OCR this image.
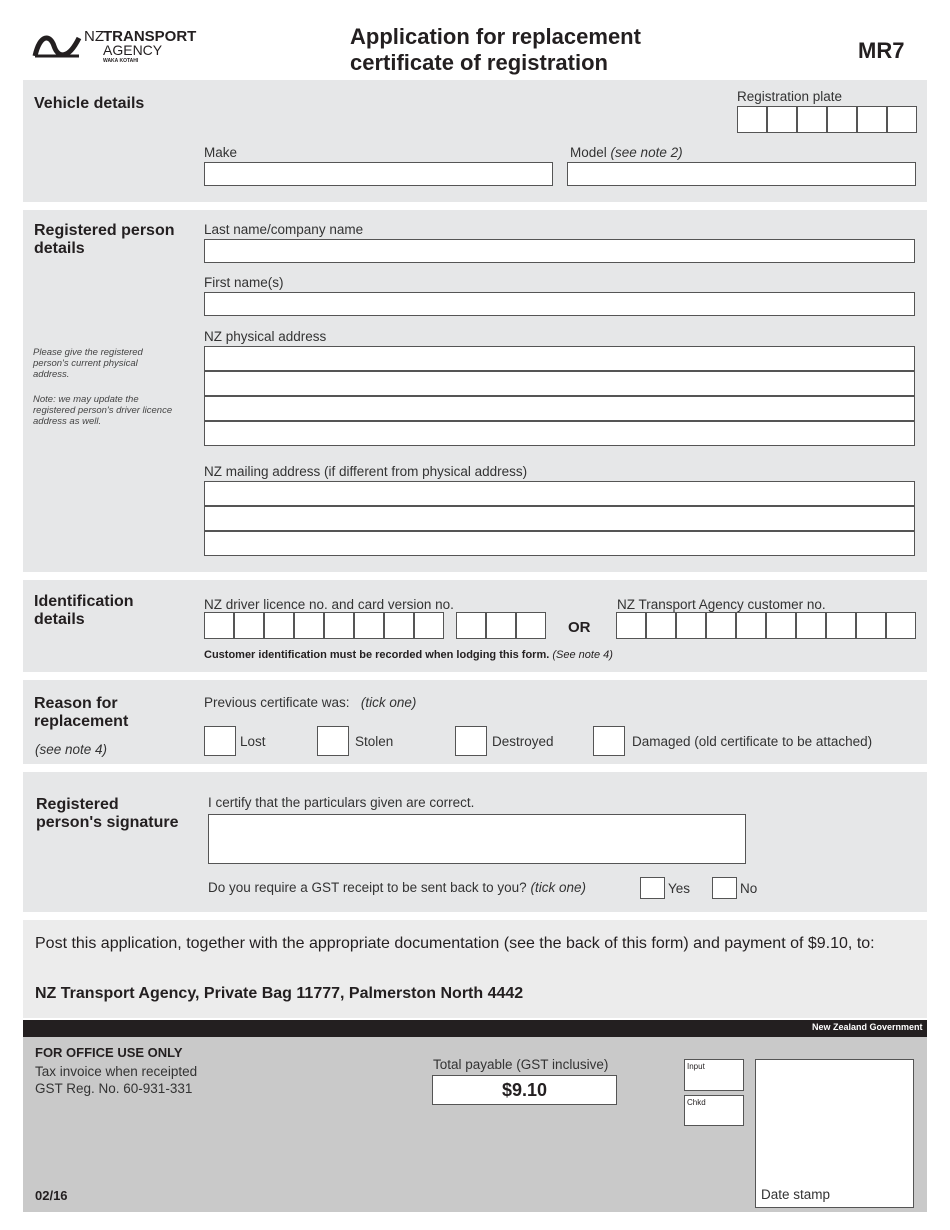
NZ TRANSPORT
AGENCY
WAKA KOTAHI
Application for replacement
certificate of registration	MR7
Vehicle details	Registration plate
Make	Model (see note 2)
Registered person
details
Please give the registered person's current physical address.
Note: we may update the registered person's driver licence address as well.
Last name/company name
First name(s)
NZ physical address
NZ mailing address (if different from physical address)
Identification
details
NZ driver licence no. and card version no.
OR
NZ Transport Agency customer no.
Customer identification must be recorded when lodging this form. (See note 4)
Reason for
replacement
(see note 4)
Previous certificate was: (tick one)
Lost	Stolen	Destroyed	Damaged (old certificate to be attached)
Registered
person's signature
I certify that the particulars given are correct.
Do you require a GST receipt to be sent back to you? (tick one)	Yes	No
Post this application, together with the appropriate documentation (see the back of this form) and payment of $9.10, to:
NZ Transport Agency, Private Bag 11777, Palmerston North 4442
New Zealand Government
FOR OFFICE USE ONLY
Tax invoice when receipted
GST Reg. No. 60-931-331
Total payable (GST inclusive)
$9.10
Input
Chkd
Date stamp
02/16
